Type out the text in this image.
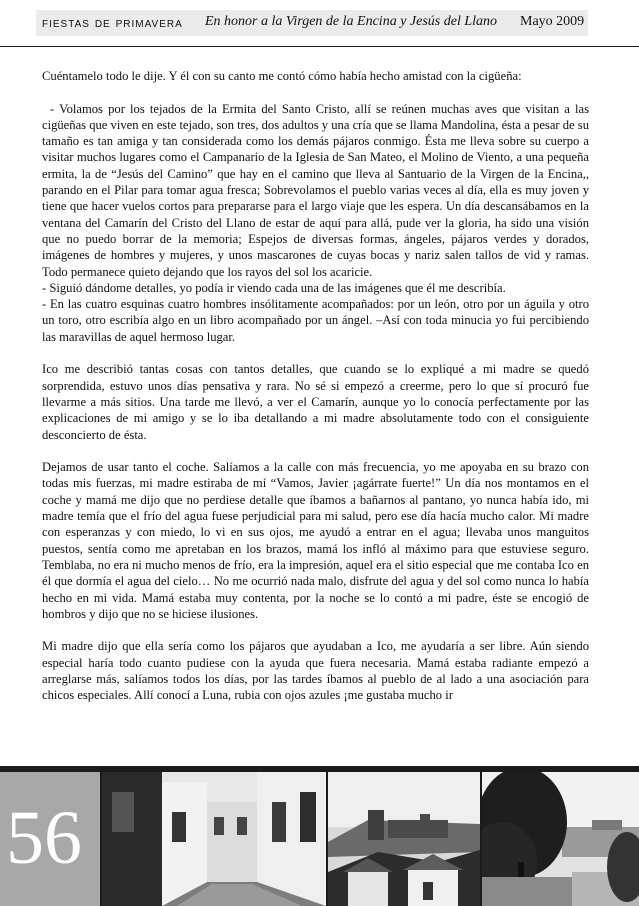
fiestas de primavera En honor a la Virgen de la Encina y Jesús del Llano Mayo 2009

Cuéntamelo todo le dije. Y él con su canto me contó cómo había hecho amistad con la cigüeña:

- Volamos por los tejados de la Ermita del Santo Cristo, allí se reúnen muchas aves que visitan a las cigüeñas que viven en este tejado, son tres, dos adultos y una cría que se llama Mandolina, ésta a pesar de su tamaño es tan amiga y tan considerada como los demás pájaros conmigo. Ésta me lleva sobre su cuerpo a visitar muchos lugares como el Campanario de la Iglesia de San Mateo, el Molino de Viento, a una pequeña ermita, la de “Jesús del Camino” que hay en el camino que lleva al Santuario de la Virgen de la Encina,, parando en el Pilar para tomar agua fresca; Sobrevolamos el pueblo varias veces al día, ella es muy joven y tiene que hacer vuelos cortos para prepararse para el largo viaje que les espera. Un día descansábamos en la ventana del Camarín del Cristo del Llano de estar de aquí para allá, pude ver la gloria, ha sido una visión que no puedo borrar de la memoria; Espejos de diversas formas, ángeles, pájaros verdes y dorados, imágenes de hombres y mujeres, y unos mascarones de cuyas bocas y nariz salen tallos de vid y ramas. Todo permanece quieto dejando que los rayos del sol los acaricie.

- Siguió dándome detalles, yo podía ir viendo cada una de las imágenes que él me describía.

- En las cuatro esquinas cuatro hombres insólitamente acompañados: por un león, otro por un águila y otro un toro, otro escribía algo en un libro acompañado por un ángel. –Así con toda minucia yo fui percibiendo las maravillas de aquel hermoso lugar.

Ico me describió tantas cosas con tantos detalles, que cuando se lo expliqué a mi madre se quedó sorprendida, estuvo unos días pensativa y rara. No sé si empezó a creerme, pero lo que sí procuró fue llevarme a más sitios. Una tarde me llevó, a ver el Camarín, aunque yo lo conocía perfectamente por las explicaciones de mi amigo y se lo iba detallando a mi madre absolutamente todo con el consiguiente desconcierto de ésta.

Dejamos de usar tanto el coche. Salíamos a la calle con más frecuencia, yo me apoyaba en su brazo con todas mis fuerzas, mi madre estiraba de mí “Vamos, Javier ¡agárrate fuerte!” Un día nos montamos en el coche y mamá me dijo que no perdiese detalle que íbamos a bañarnos al pantano, yo nunca había ido, mi madre temía que el frío del agua fuese perjudicial para mi salud, pero ese día hacía mucho calor. Mi madre con esperanzas y con miedo, lo vi en sus ojos, me ayudó a entrar en el agua; llevaba unos manguitos puestos, sentía como me apretaban en los brazos, mamá los infló al máximo para que estuviese seguro. Temblaba, no era ni mucho menos de frío, era la impresión, aquel era el sitio especial que me contaba Ico en él que dormía el agua del cielo… No me ocurrió nada malo, disfrute del agua y del sol como nunca lo había hecho en mi vida. Mamá estaba muy contenta, por la noche se lo contó a mi padre, éste se encogió de hombros y dijo que no se hiciese ilusiones.

Mi madre dijo que ella sería como los pájaros que ayudaban a Ico, me ayudaría a ser libre. Aún siendo especial haría todo cuanto pudiese con la ayuda que fuera necesaria. Mamá estaba radiante empezó a arreglarse más, salíamos todos los días, por las tardes íbamos al pueblo de al lado a una asociación para chicos especiales. Allí conocí a Luna, rubia con ojos azules ¡me gustaba mucho ir

56
